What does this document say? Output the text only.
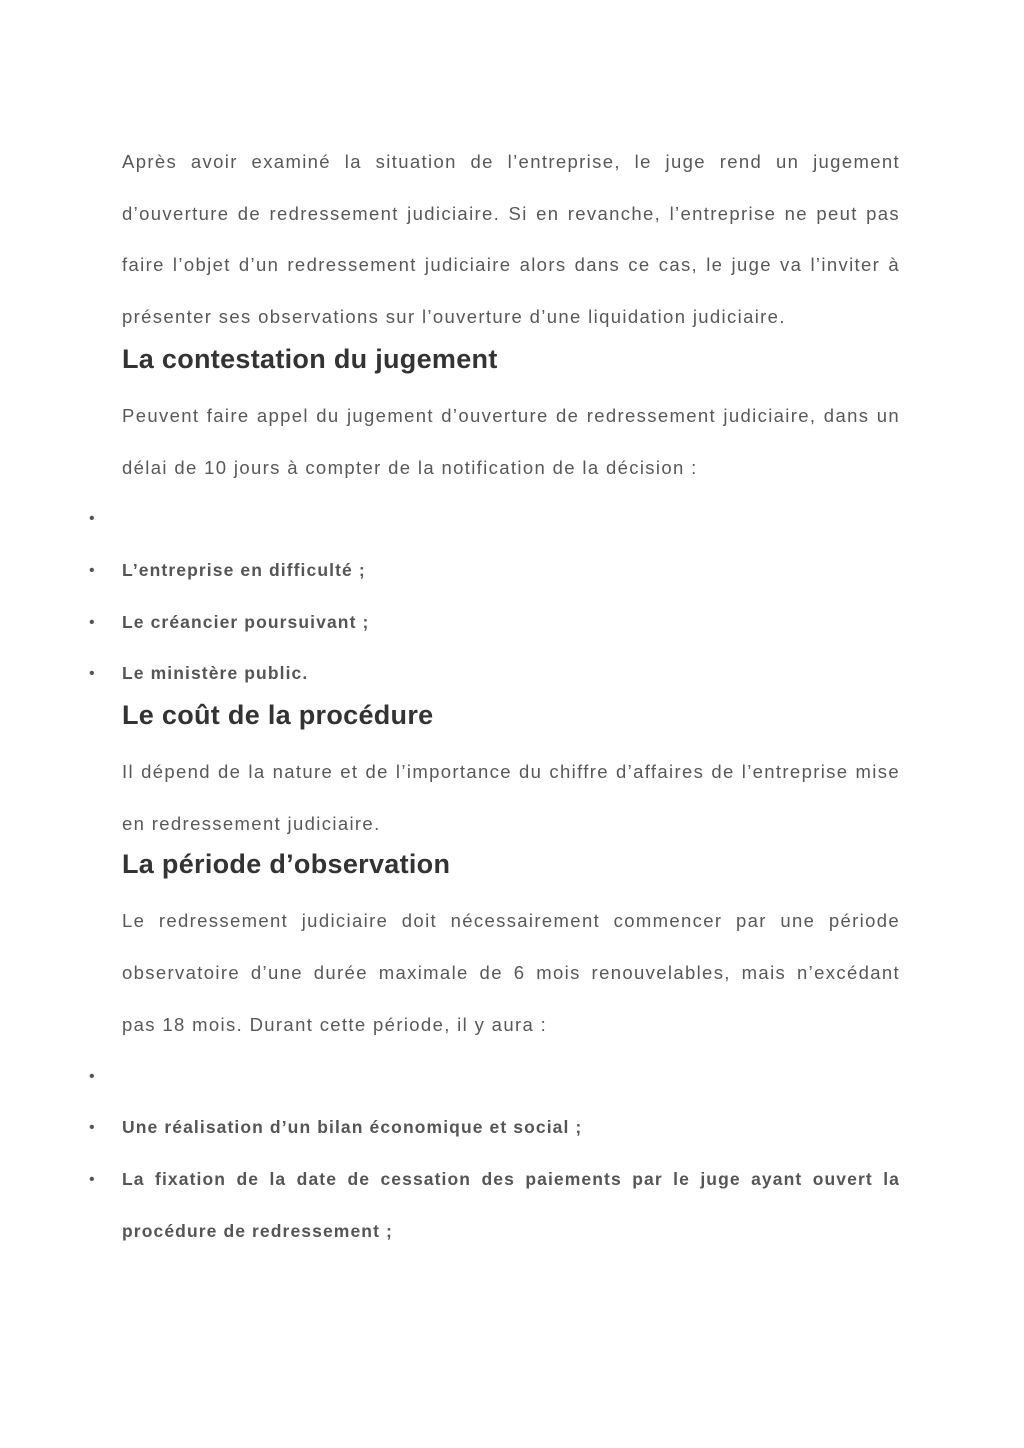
Après avoir examiné la situation de l’entreprise, le juge rend un jugement d’ouverture de redressement judiciaire. Si en revanche, l’entreprise ne peut pas faire l’objet d’un redressement judiciaire alors dans ce cas, le juge va l’inviter à présenter ses observations sur l’ouverture d’une liquidation judiciaire.

La contestation du jugement

Peuvent faire appel du jugement d’ouverture de redressement judiciaire, dans un délai de 10 jours à compter de la notification de la décision :

•
• L’entreprise en difficulté ;
• Le créancier poursuivant ;
• Le ministère public.
Le coût de la procédure

Il dépend de la nature et de l’importance du chiffre d’affaires de l’entreprise mise en redressement judiciaire.

La période d’observation

Le redressement judiciaire doit nécessairement commencer par une période observatoire d’une durée maximale de 6 mois renouvelables, mais n’excédant pas 18 mois. Durant cette période, il y aura :

•
• Une réalisation d’un bilan économique et social ;
• La fixation de la date de cessation des paiements par le juge ayant ouvert la procédure de redressement ;
